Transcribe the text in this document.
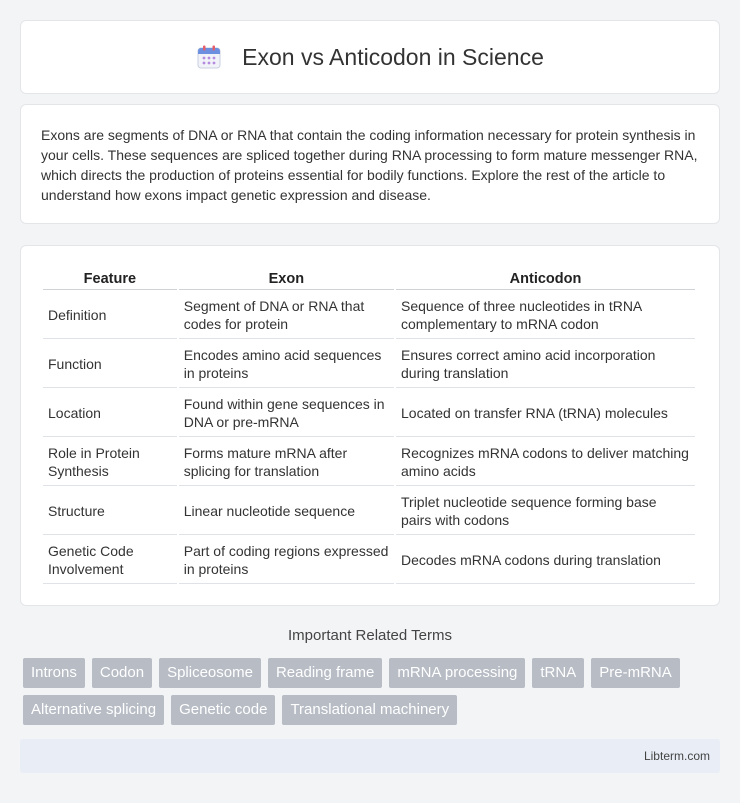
Exon vs Anticodon in Science

Exons are segments of DNA or RNA that contain the coding information necessary for protein synthesis in your cells. These sequences are spliced together during RNA processing to form mature messenger RNA, which directs the production of proteins essential for bodily functions. Explore the rest of the article to understand how exons impact genetic expression and disease.

Feature	Exon	Anticodon
Definition	Segment of DNA or RNA that codes for protein	Sequence of three nucleotides in tRNA complementary to mRNA codon
Function	Encodes amino acid sequences in proteins	Ensures correct amino acid incorporation during translation
Location	Found within gene sequences in DNA or pre-mRNA	Located on transfer RNA (tRNA) molecules
Role in Protein Synthesis	Forms mature mRNA after splicing for translation	Recognizes mRNA codons to deliver matching amino acids
Structure	Linear nucleotide sequence	Triplet nucleotide sequence forming base pairs with codons
Genetic Code Involvement	Part of coding regions expressed in proteins	Decodes mRNA codons during translation
Important Related Terms
Introns	Codon	Spliceosome	Reading frame	mRNA processing	tRNA	Pre-mRNA
Alternative splicing	Genetic code	Translational machinery
Libterm.com
